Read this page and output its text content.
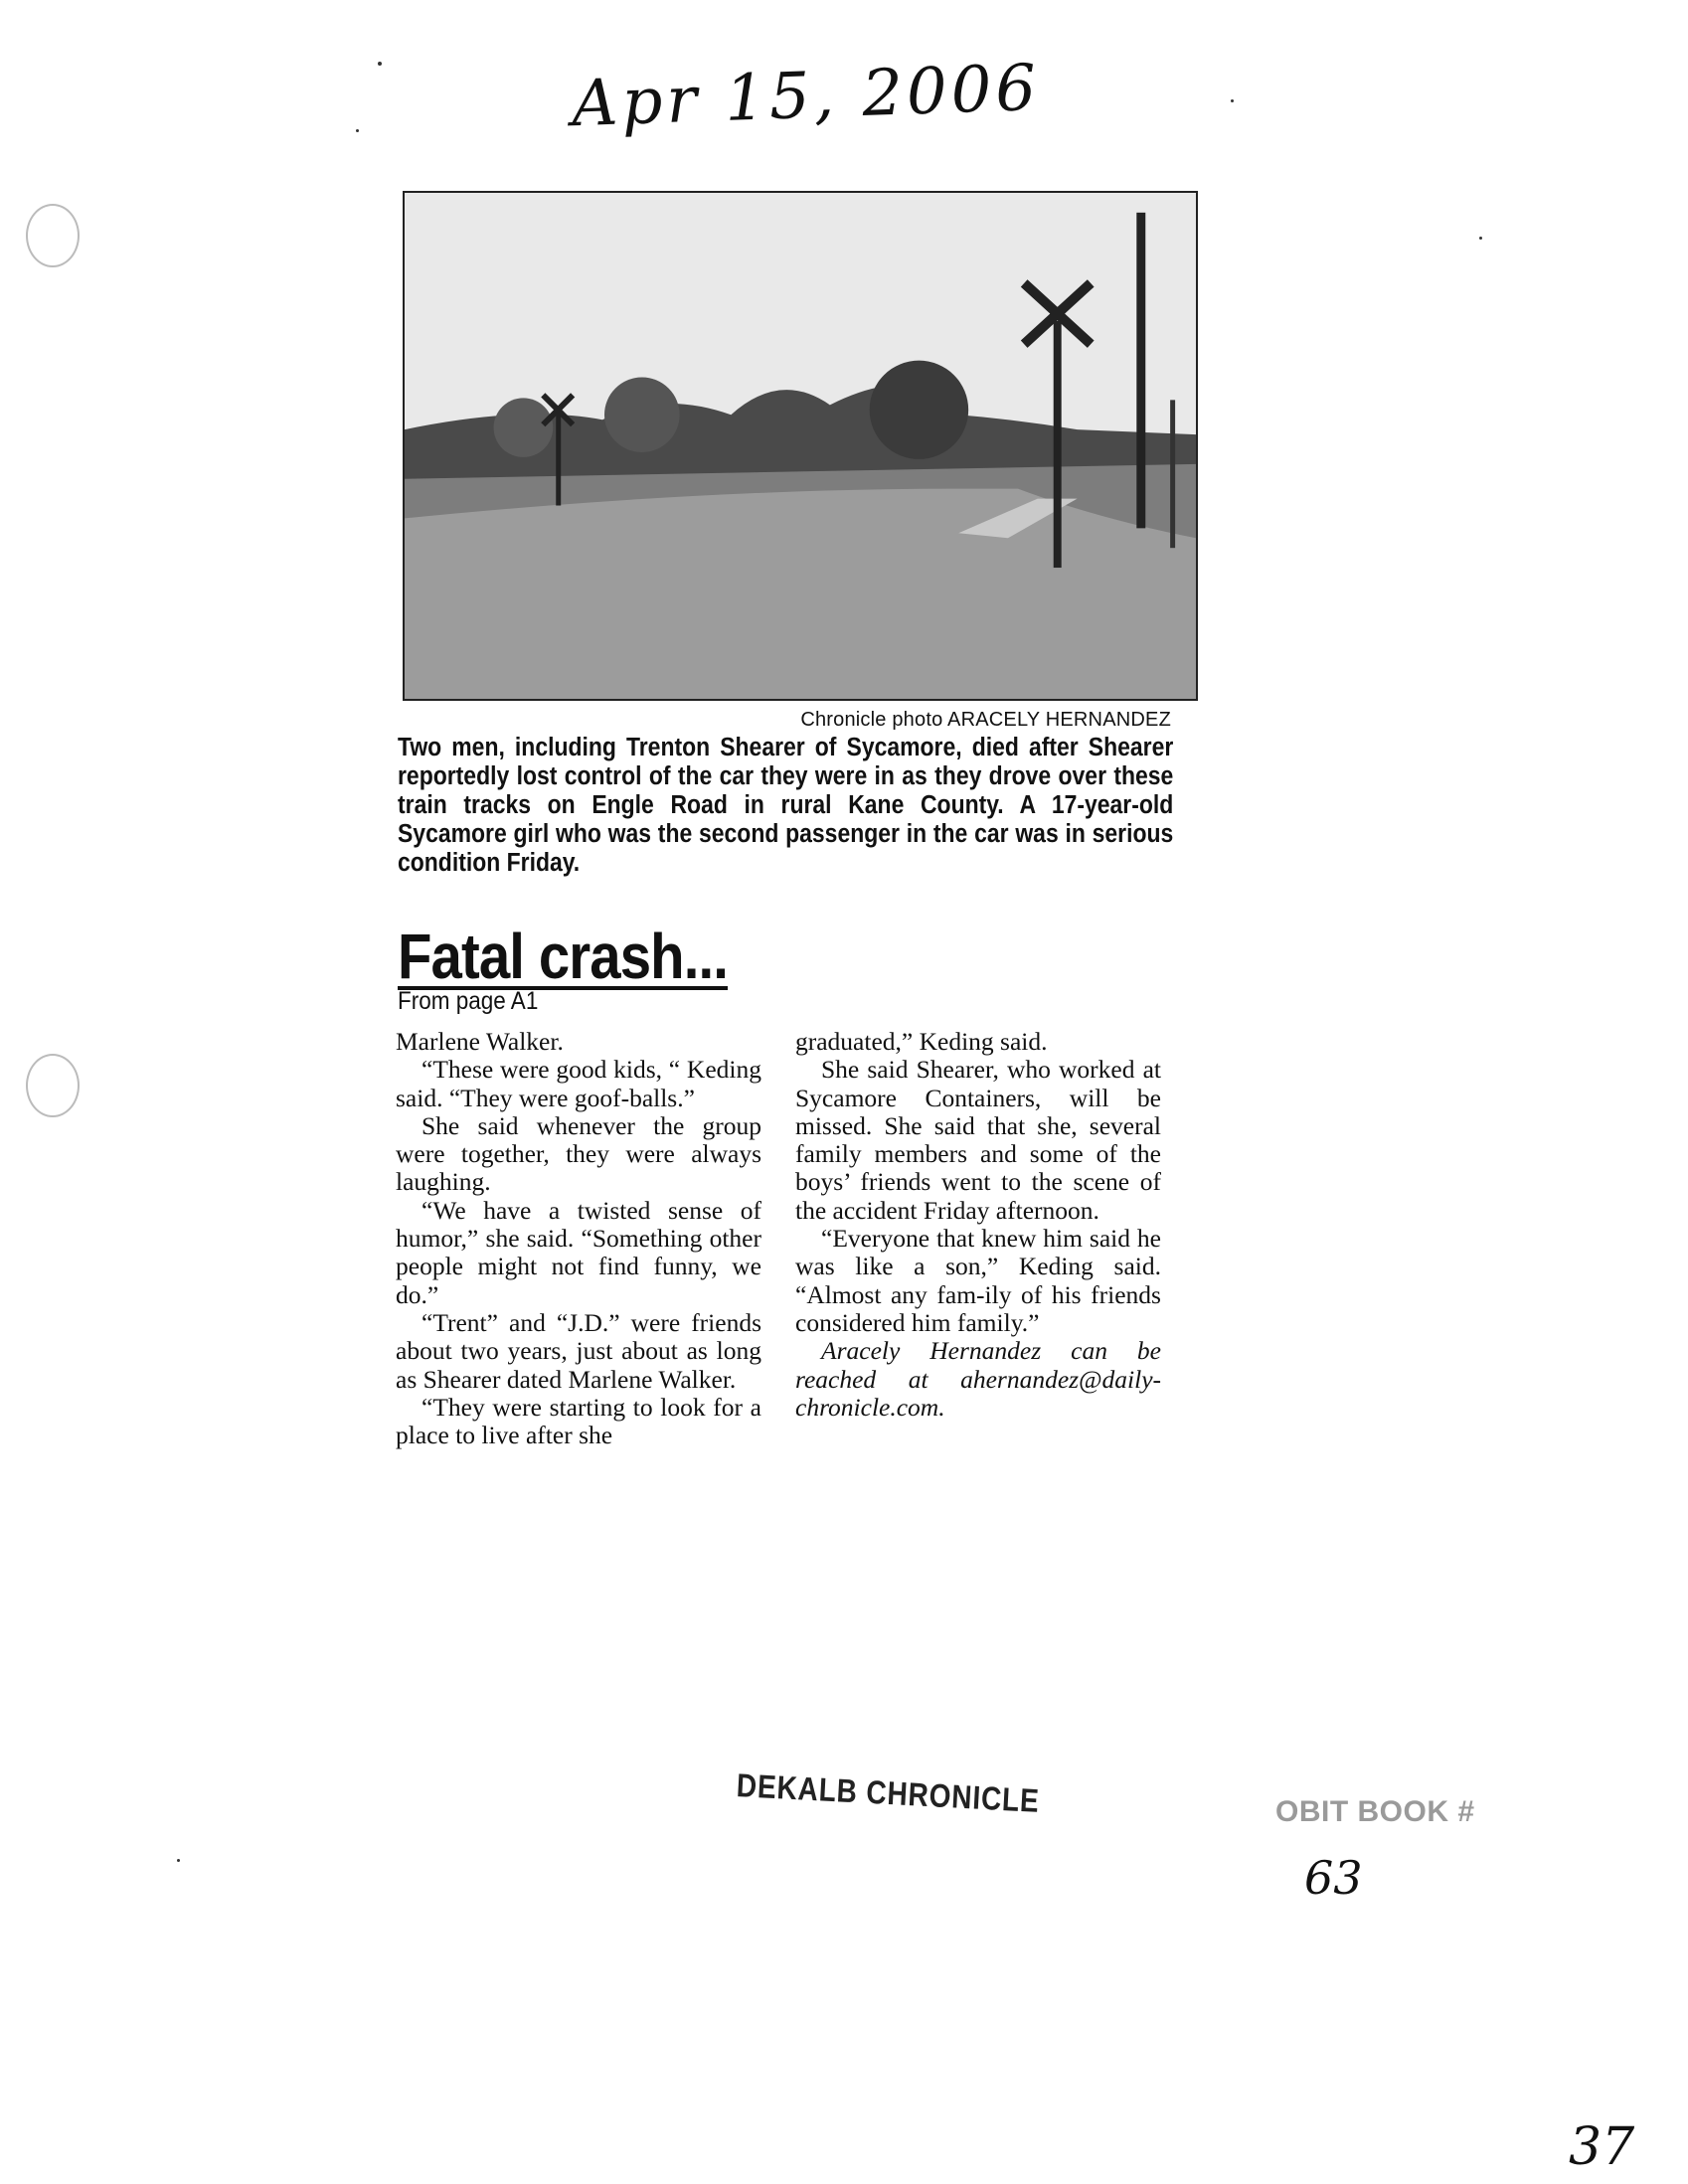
Apr 15, 2006
Chronicle photo ARACELY HERNANDEZ
Two men, including Trenton Shearer of Sycamore, died after Shearer reportedly lost control of the car they were in as they drove over these train tracks on Engle Road in rural Kane County. A 17-year-old Sycamore girl who was the second passenger in the car was in serious condition Friday.
Fatal crash...
From page A1

Marlene Walker.

“These were good kids, “ Keding said. “They were goof-balls.”

She said whenever the group were together, they were always laughing.

“We have a twisted sense of humor,” she said. “Something other people might not find funny, we do.”

“Trent” and “J.D.” were friends about two years, just about as long as Shearer dated Marlene Walker.

“They were starting to look for a place to live after she

graduated,” Keding said.

She said Shearer, who worked at Sycamore Containers, will be missed. She said that she, several family members and some of the boys’ friends went to the scene of the accident Friday afternoon.

“Everyone that knew him said he was like a son,” Keding said. “Almost any fam-ily of his friends considered him family.”

Aracely Hernandez can be reached at ahernandez@daily-chronicle.com.

DEKALB CHRONICLE	OBIT BOOK #
63
37
